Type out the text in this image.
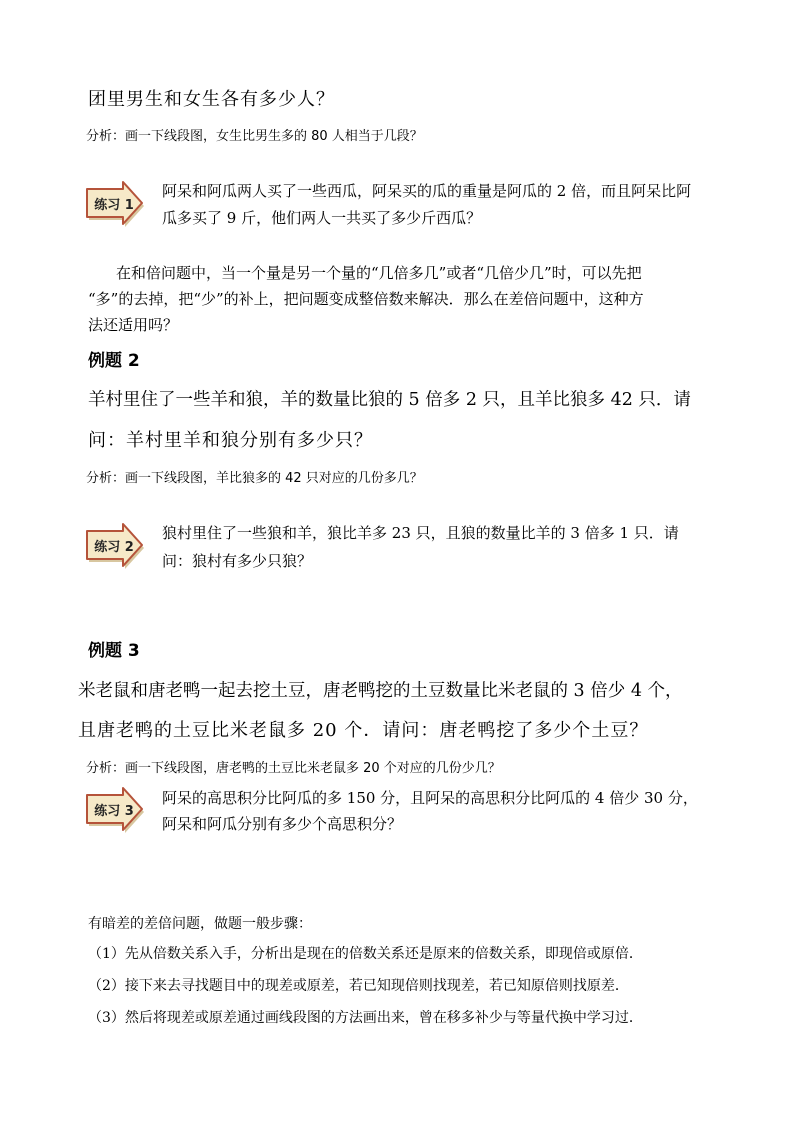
团里男生和女生各有多少人？
分析：画一下线段图，女生比男生多的 80 人相当于几段？
练习 1
阿呆和阿瓜两人买了一些西瓜，阿呆买的瓜的重量是阿瓜的 2 倍，而且阿呆比阿
瓜多买了 9 斤，他们两人一共买了多少斤西瓜？
在和倍问题中，当一个量是另一个量的“几倍多几”或者“几倍少几”时，可以先把
“多”的去掉，把“少”的补上，把问题变成整倍数来解决．那么在差倍问题中，这种方
法还适用吗？
例题 2
羊村里住了一些羊和狼，羊的数量比狼的 5 倍多 2 只，且羊比狼多 42 只．请
问：羊村里羊和狼分别有多少只？
分析：画一下线段图，羊比狼多的 42 只对应的几份多几？
练习 2
狼村里住了一些狼和羊，狼比羊多 23 只，且狼的数量比羊的 3 倍多 1 只．请
问：狼村有多少只狼？
例题 3
米老鼠和唐老鸭一起去挖土豆，唐老鸭挖的土豆数量比米老鼠的 3 倍少 4 个，
且唐老鸭的土豆比米老鼠多 20 个．请问：唐老鸭挖了多少个土豆？
分析：画一下线段图，唐老鸭的土豆比米老鼠多 20 个对应的几份少几？
练习 3
阿呆的高思积分比阿瓜的多 150 分，且阿呆的高思积分比阿瓜的 4 倍少 30 分，
阿呆和阿瓜分别有多少个高思积分？
有暗差的差倍问题，做题一般步骤：
（1）先从倍数关系入手，分析出是现在的倍数关系还是原来的倍数关系，即现倍或原倍．
（2）接下来去寻找题目中的现差或原差，若已知现倍则找现差，若已知原倍则找原差．
（3）然后将现差或原差通过画线段图的方法画出来，曾在移多补少与等量代换中学习过．
